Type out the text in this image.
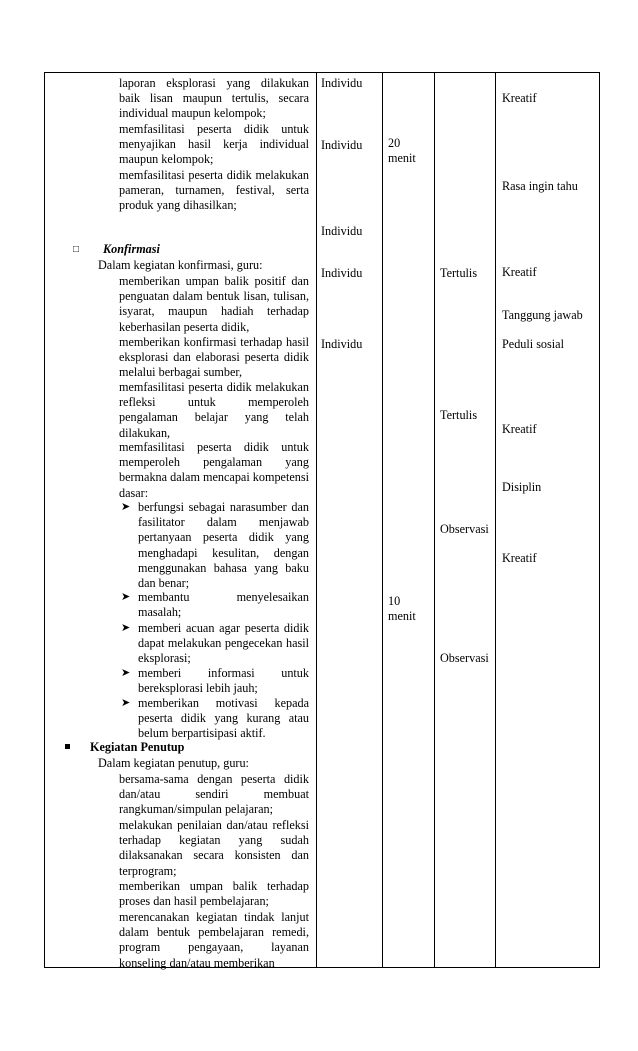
laporan eksplorasi yang dilakukan baik lisan maupun tertulis, secara individual maupun kelompok;
memfasilitasi peserta didik untuk menyajikan hasil kerja individual maupun kelompok;
memfasilitasi peserta didik melakukan pameran, turnamen, festival, serta produk yang dihasilkan;
□ Konfirmasi
Dalam kegiatan konfirmasi, guru:
memberikan umpan balik positif dan penguatan dalam bentuk lisan, tulisan, isyarat, maupun hadiah terhadap keberhasilan peserta didik,
memberikan konfirmasi terhadap hasil eksplorasi dan elaborasi peserta didik melalui berbagai sumber,
memfasilitasi peserta didik melakukan refleksi untuk memperoleh pengalaman belajar yang telah dilakukan,
memfasilitasi peserta didik untuk memperoleh pengalaman yang bermakna dalam mencapai kompetensi dasar:
➤ berfungsi sebagai narasumber dan fasilitator dalam menjawab pertanyaan peserta didik yang menghadapi kesulitan, dengan menggunakan bahasa yang baku dan benar;
➤ membantu menyelesaikan masalah;
➤ memberi acuan agar peserta didik dapat melakukan pengecekan hasil eksplorasi;
➤ memberi informasi untuk bereksplorasi lebih jauh;
➤ memberikan motivasi kepada peserta didik yang kurang atau belum berpartisipasi aktif.
Kegiatan Penutup
Dalam kegiatan penutup, guru:
bersama-sama dengan peserta didik dan/atau sendiri membuat rangkuman/simpulan pelajaran;
melakukan penilaian dan/atau refleksi terhadap kegiatan yang sudah dilaksanakan secara konsisten dan terprogram;
memberikan umpan balik terhadap proses dan hasil pembelajaran;
merencanakan kegiatan tindak lanjut dalam bentuk pembelajaran remedi, program pengayaan, layanan konseling dan/atau memberikan
Individu
Individu
Individu
Individu
Individu
20
menit
10
menit
Tertulis
Tertulis
Observasi
Observasi
Kreatif
Rasa ingin tahu
Kreatif
Tanggung jawab
Peduli sosial
Kreatif
Disiplin
Kreatif
